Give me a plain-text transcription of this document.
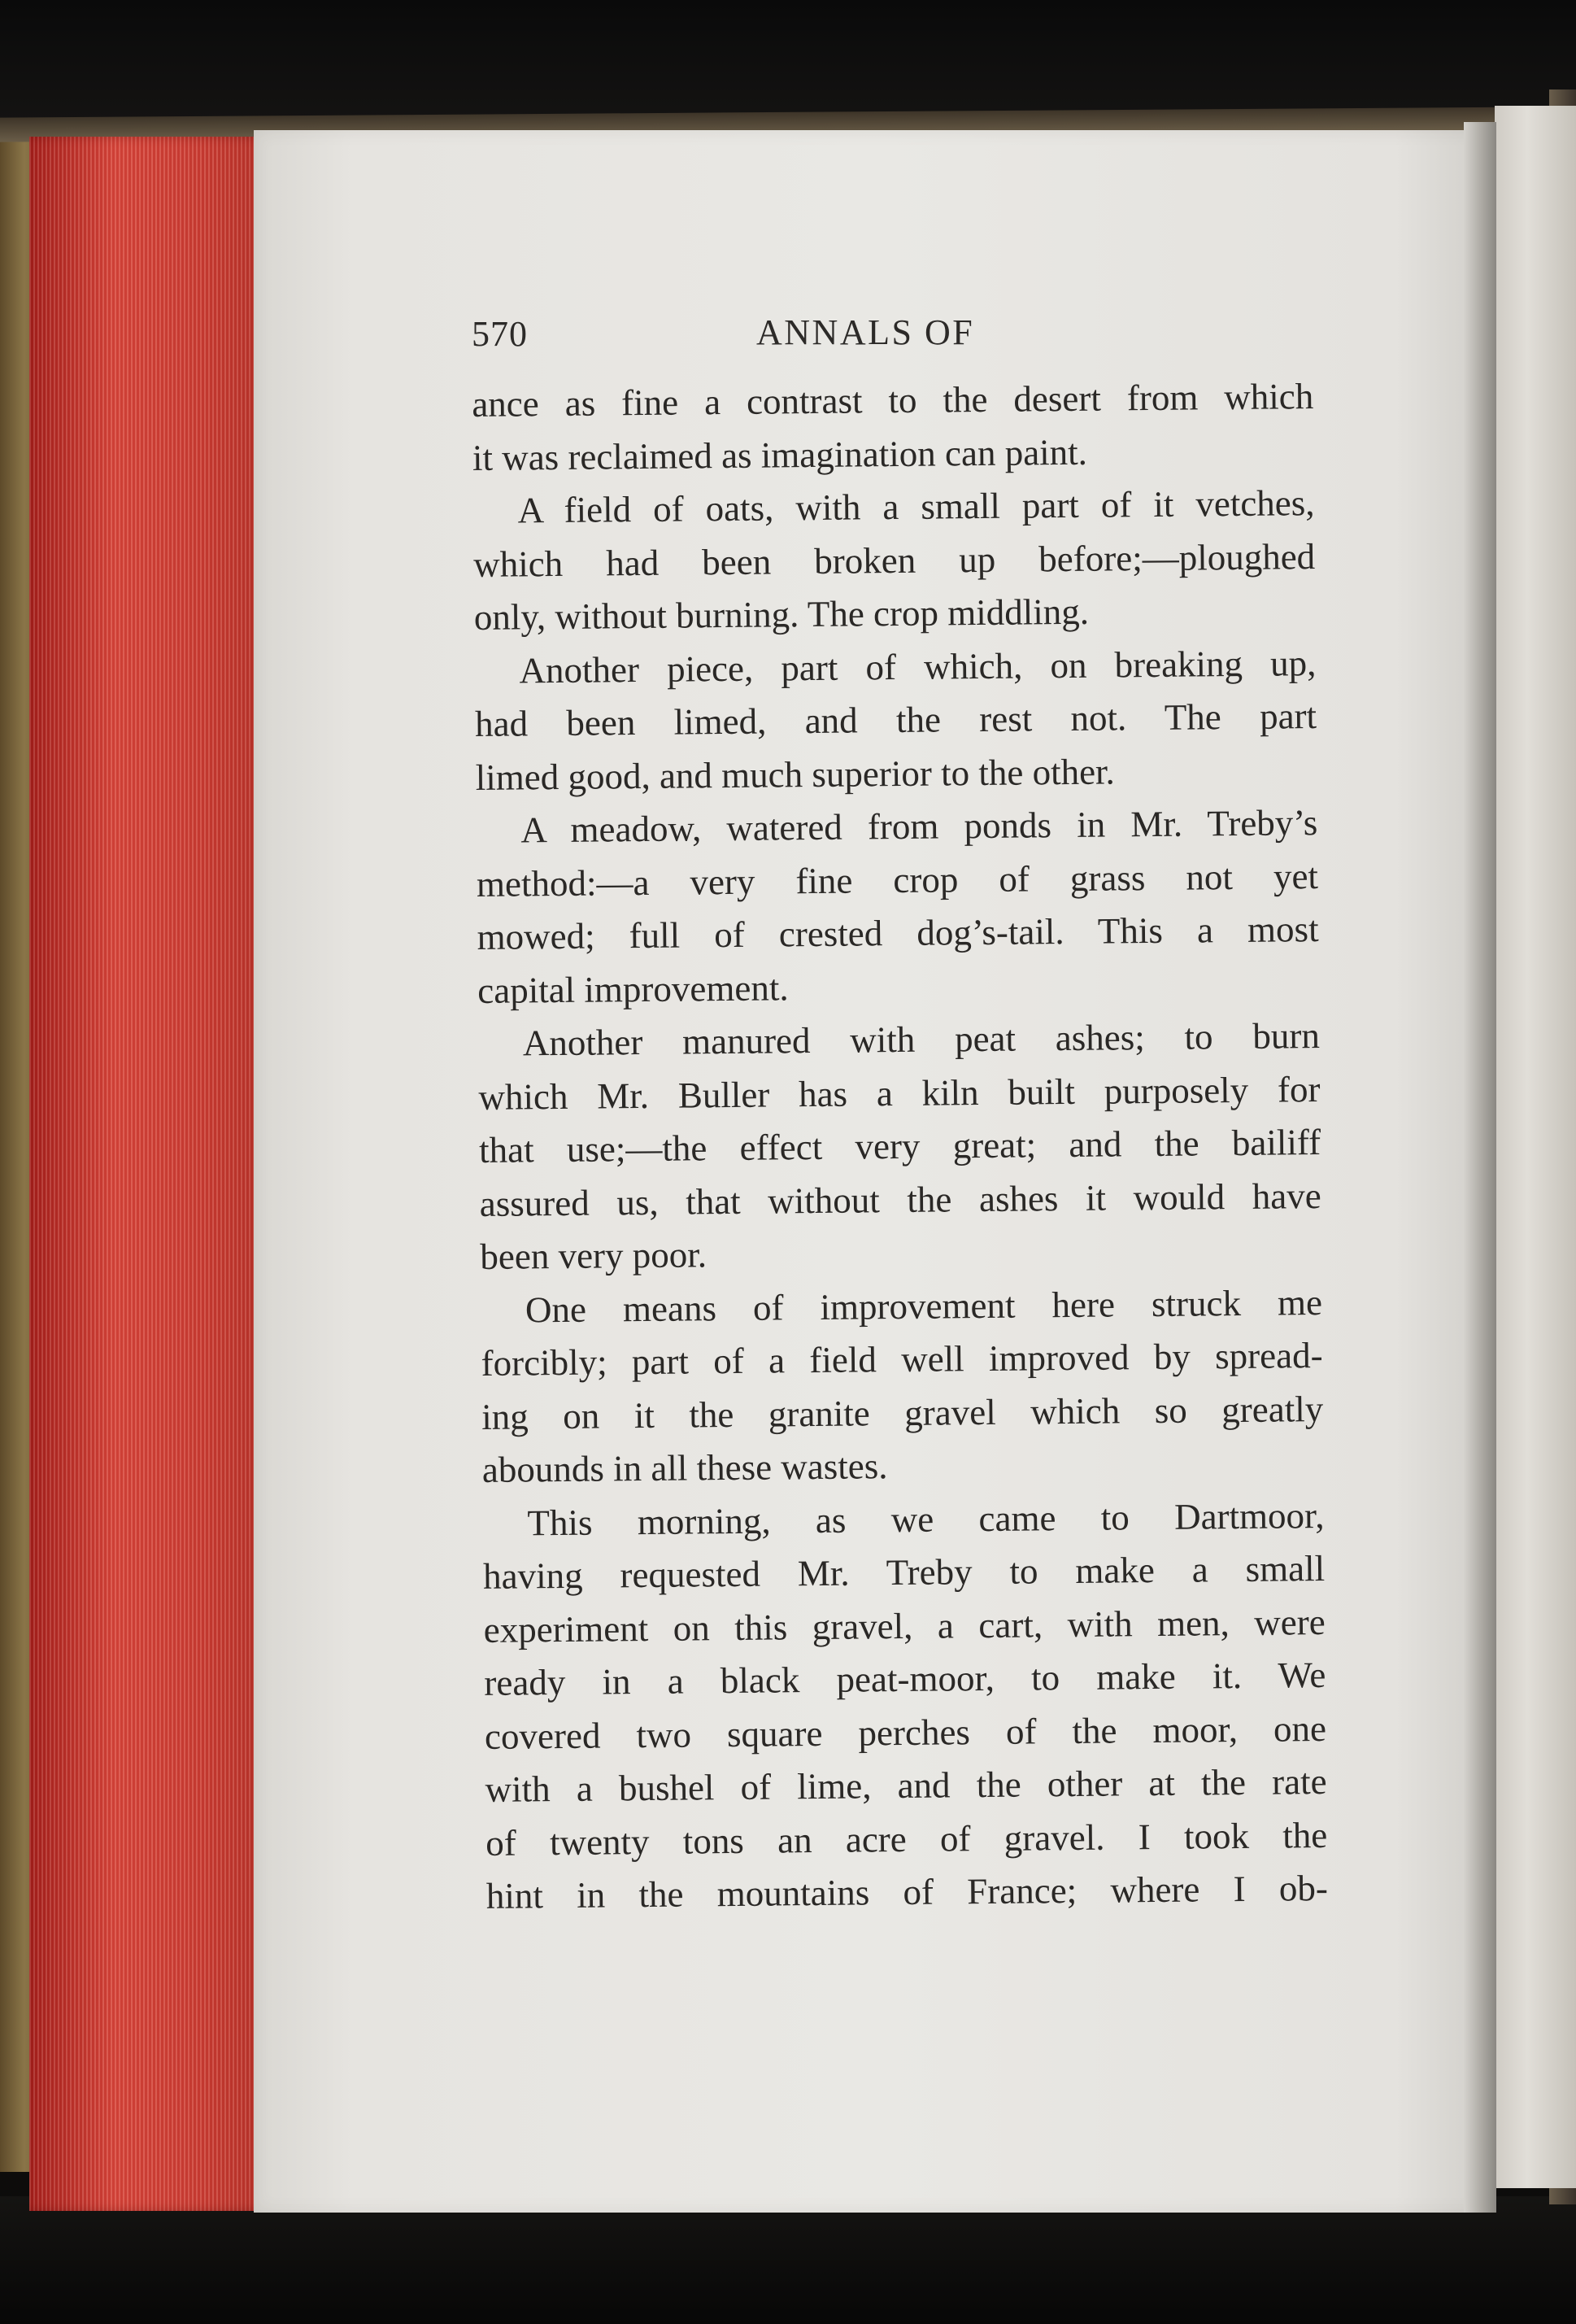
570	ANNALS OF
ance as fine a contrast to the desert from which
it was reclaimed as imagination can paint.
A field of oats, with a small part of it vetches,
which had been broken up before;—ploughed
only, without burning. The crop middling.
Another piece, part of which, on breaking up,
had been limed, and the rest not. The part
limed good, and much superior to the other.
A meadow, watered from ponds in Mr. Treby’s
method:—a very fine crop of grass not yet
mowed; full of crested dog’s-tail. This a most
capital improvement.
Another manured with peat ashes; to burn
which Mr. Buller has a kiln built purposely for
that use;—the effect very great; and the bailiff
assured us, that without the ashes it would have
been very poor.
One means of improvement here struck me
forcibly; part of a field well improved by spread-
ing on it the granite gravel which so greatly
abounds in all these wastes.
This morning, as we came to Dartmoor,
having requested Mr. Treby to make a small
experiment on this gravel, a cart, with men, were
ready in a black peat-moor, to make it. We
covered two square perches of the moor, one
with a bushel of lime, and the other at the rate
of twenty tons an acre of gravel. I took the
hint in the mountains of France; where I ob-
